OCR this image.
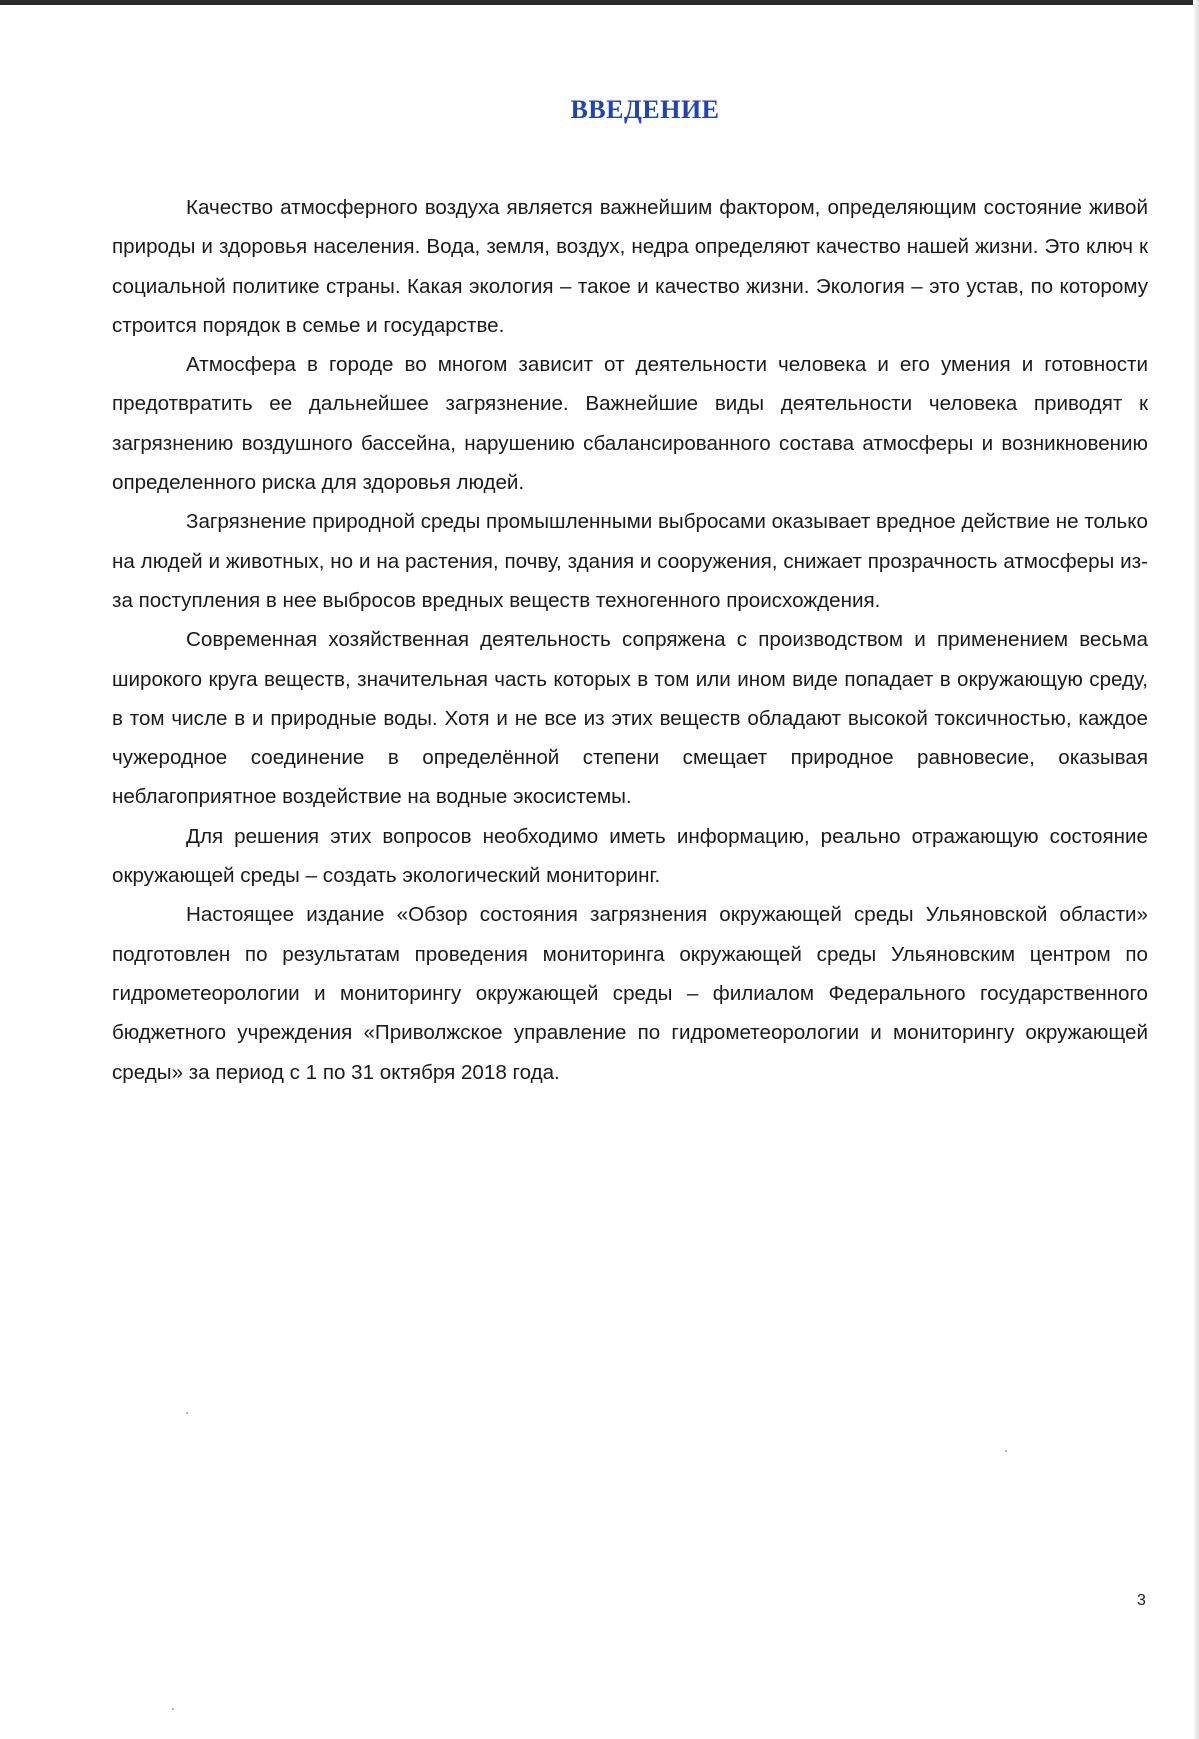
ВВЕДЕНИЕ

Качество атмосферного воздуха является важнейшим фактором, определяющим состояние живой природы и здоровья населения. Вода, земля, воздух, недра определяют качество нашей жизни. Это ключ к социальной политике страны. Какая экология – такое и качество жизни. Экология – это устав, по которому строится порядок в семье и государстве.

Атмосфера в городе во многом зависит от деятельности человека и его умения и готовности предотвратить ее дальнейшее загрязнение. Важнейшие виды деятельности человека приводят к загрязнению воздушного бассейна, нарушению сбалансированного состава атмосферы и возникновению определенного риска для здоровья людей.

Загрязнение природной среды промышленными выбросами оказывает вредное действие не только на людей и животных, но и на растения, почву, здания и сооружения, снижает прозрачность атмосферы из-за поступления в нее выбросов вредных веществ техногенного происхождения.

Современная хозяйственная деятельность сопряжена с производством и применением весьма широкого круга веществ, значительная часть которых в том или ином виде попадает в окружающую среду, в том числе в и природные воды. Хотя и не все из этих веществ обладают высокой токсичностью, каждое чужеродное соединение в определённой степени смещает природное равновесие, оказывая неблагоприятное воздействие на водные экосистемы.

Для решения этих вопросов необходимо иметь информацию, реально отражающую состояние окружающей среды – создать экологический мониторинг.

Настоящее издание «Обзор состояния загрязнения окружающей среды Ульяновской области» подготовлен по результатам проведения мониторинга окружающей среды Ульяновским центром по гидрометеорологии и мониторингу окружающей среды – филиалом Федерального государственного бюджетного учреждения «Приволжское управление по гидрометеорологии и мониторингу окружающей среды» за период с 1 по 31 октября 2018 года.

3
